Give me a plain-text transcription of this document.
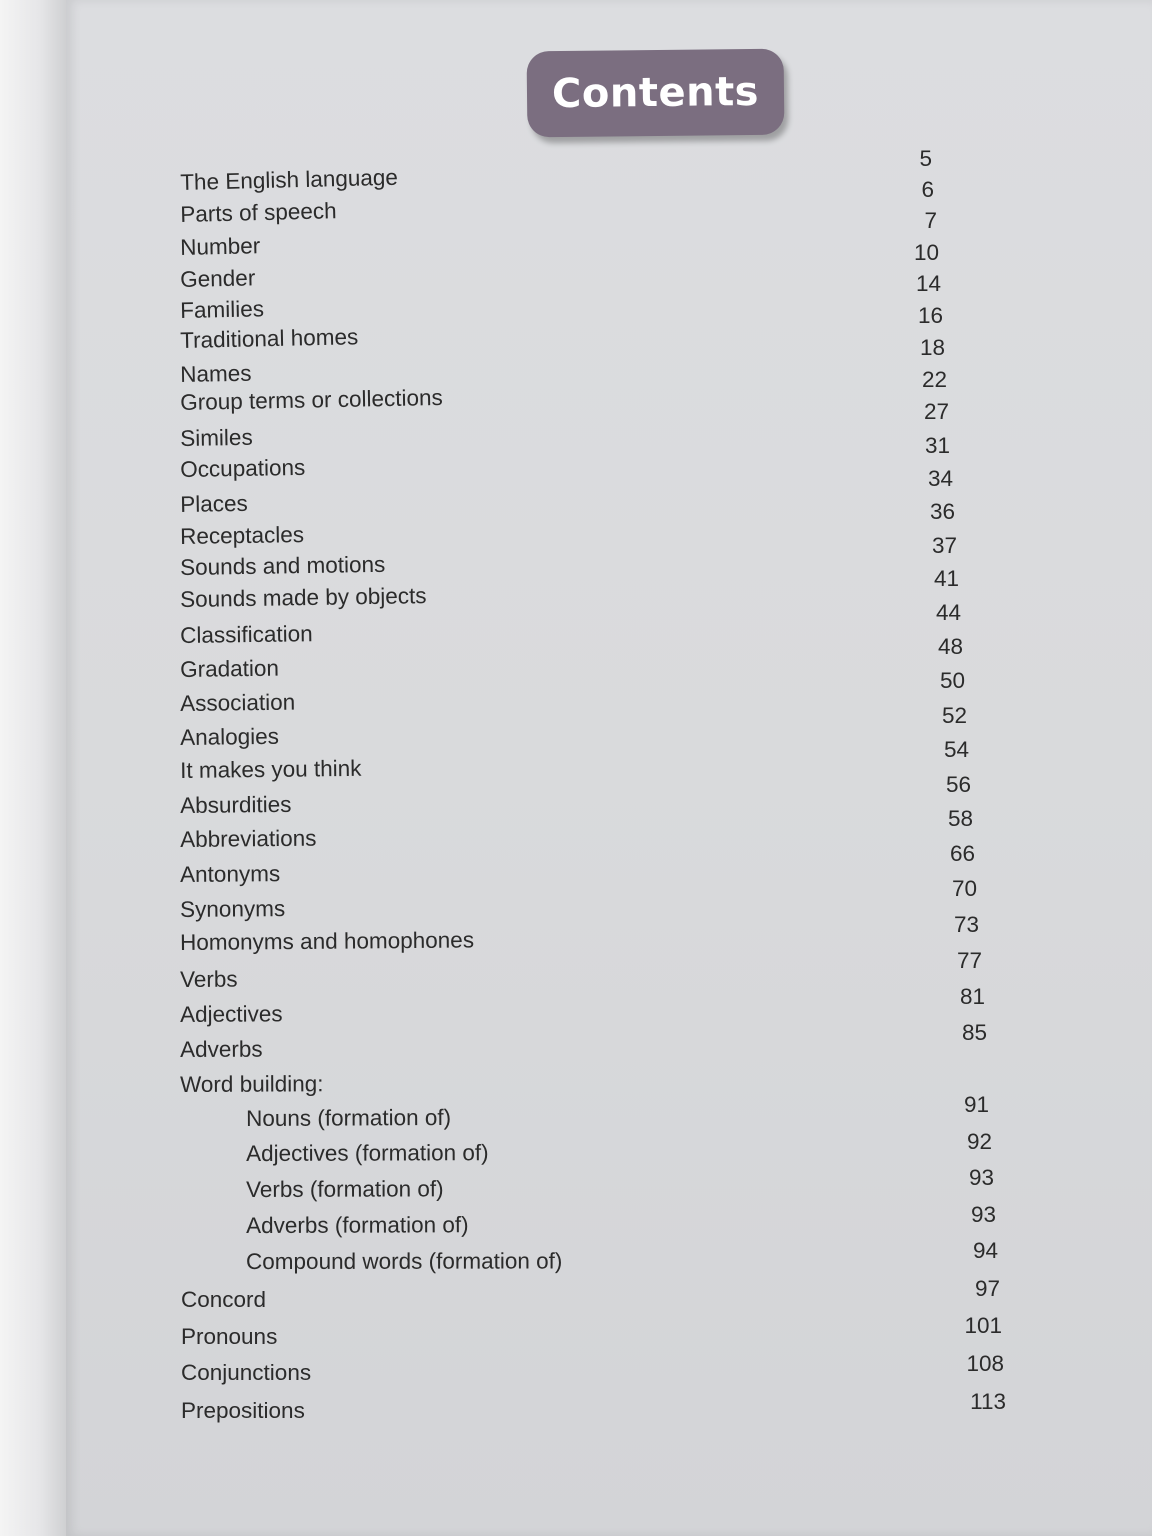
Contents
The English language
Parts of speech
Number
Gender
Families
Traditional homes
Names
Group terms or collections
Similes
Occupations
Places
Receptacles
Sounds and motions
Sounds made by objects
Classification
Gradation
Association
Analogies
It makes you think
Absurdities
Abbreviations
Antonyms
Synonyms
Homonyms and homophones
Verbs
Adjectives
Adverbs
Word building:
Nouns (formation of)
Adjectives (formation of)
Verbs (formation of)
Adverbs (formation of)
Compound words (formation of)
Concord
Pronouns
Conjunctions
Prepositions
5
6
7
10
14
16
18
22
27
31
34
36
37
41
44
48
50
52
54
56
58
66
70
73
77
81
85
91
92
93
93
94
97
101
108
113
